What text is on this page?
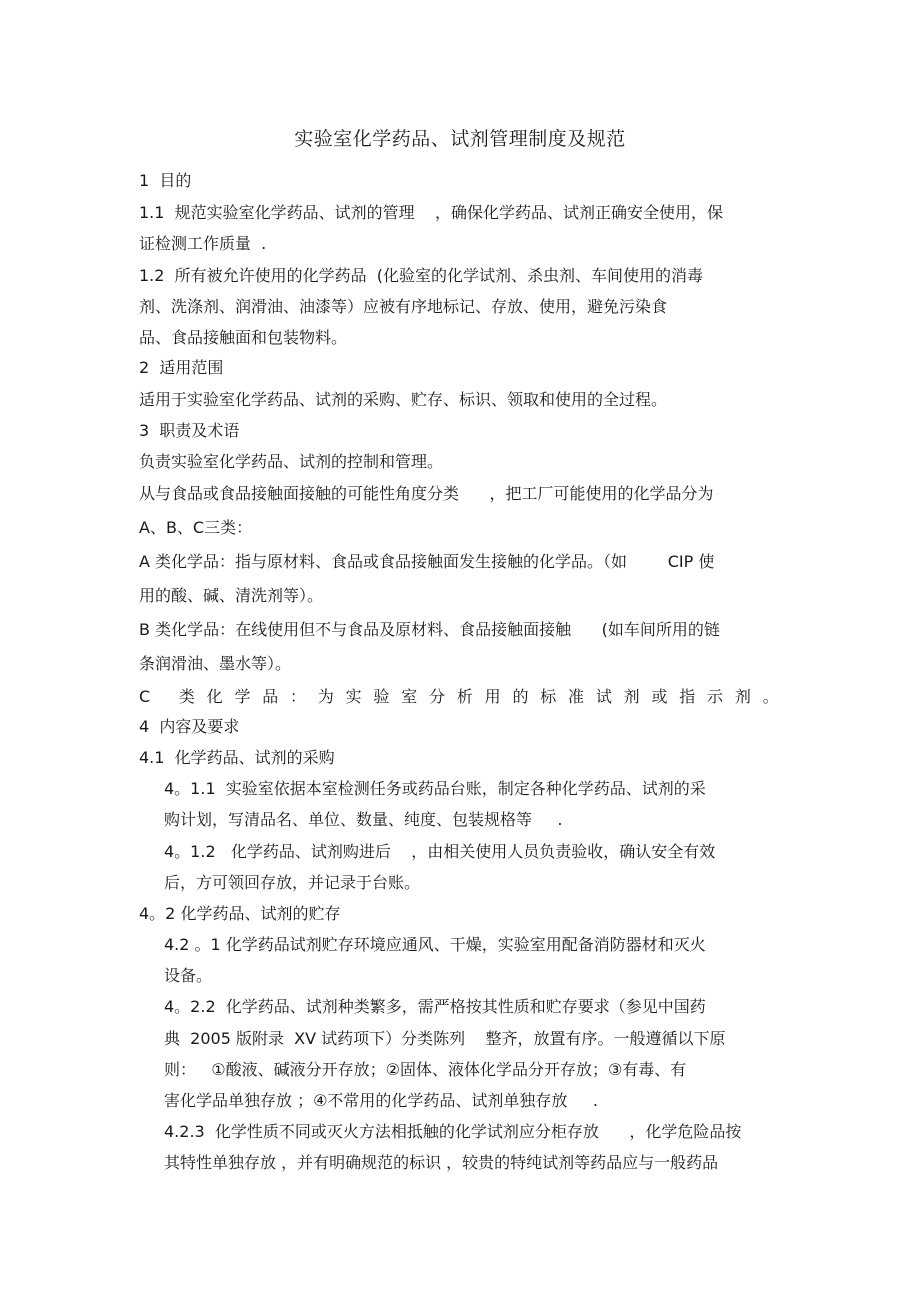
实验室化学药品、试剂管理制度及规范
1  目的
1.1  规范实验室化学药品、试剂的管理    ，确保化学药品、试剂正确安全使用，保
证检测工作质量  .
1.2  所有被允许使用的化学药品  (化验室的化学试剂、杀虫剂、车间使用的消毒
剂、洗涤剂、润滑油、油漆等）应被有序地标记、存放、使用，避免污染食
品、食品接触面和包装物料。
2  适用范围
适用于实验室化学药品、试剂的采购、贮存、标识、领取和使用的全过程。
3  职责及术语
负责实验室化学药品、试剂的控制和管理。
从与食品或食品接触面接触的可能性角度分类      ，把工厂可能使用的化学品分为
A、B、C三类：
A 类化学品：指与原材料、食品或食品接触面发生接触的化学品。（如        CIP 使
用的酸、碱、清洗剂等）。
B 类化学品：在线使用但不与食品及原材料、食品接触面接触      (如车间所用的链
条润滑油、墨水等）。
C 类化学品：为实验室分析用的标准试剂或指示剂。
4  内容及要求
4.1  化学药品、试剂的采购
4。1.1  实验室依据本室检测任务或药品台账，制定各种化学药品、试剂的采
购计划，写清品名、单位、数量、纯度、包装规格等     .
4。1.2   化学药品、试剂购进后    ，由相关使用人员负责验收，确认安全有效
后，方可领回存放，并记录于台账。
4。2 化学药品、试剂的贮存
4.2 。1 化学药品试剂贮存环境应通风、干燥，实验室用配备消防器材和灭火
设备。
4。2.2  化学药品、试剂种类繁多，需严格按其性质和贮存要求（参见中国药
典  2005 版附录  XV 试药项下）分类陈列    整齐，放置有序。一般遵循以下原
则：   ①酸液、碱液分开存放；②固体、液体化学品分开存放；③有毒、有
害化学品单独存放 ；④不常用的化学药品、试剂单独存放     .
4.2.3  化学性质不同或灭火方法相抵触的化学试剂应分柜存放      ，化学危险品按
其特性单独存放 ，并有明确规范的标识 ，较贵的特纯试剂等药品应与一般药品
